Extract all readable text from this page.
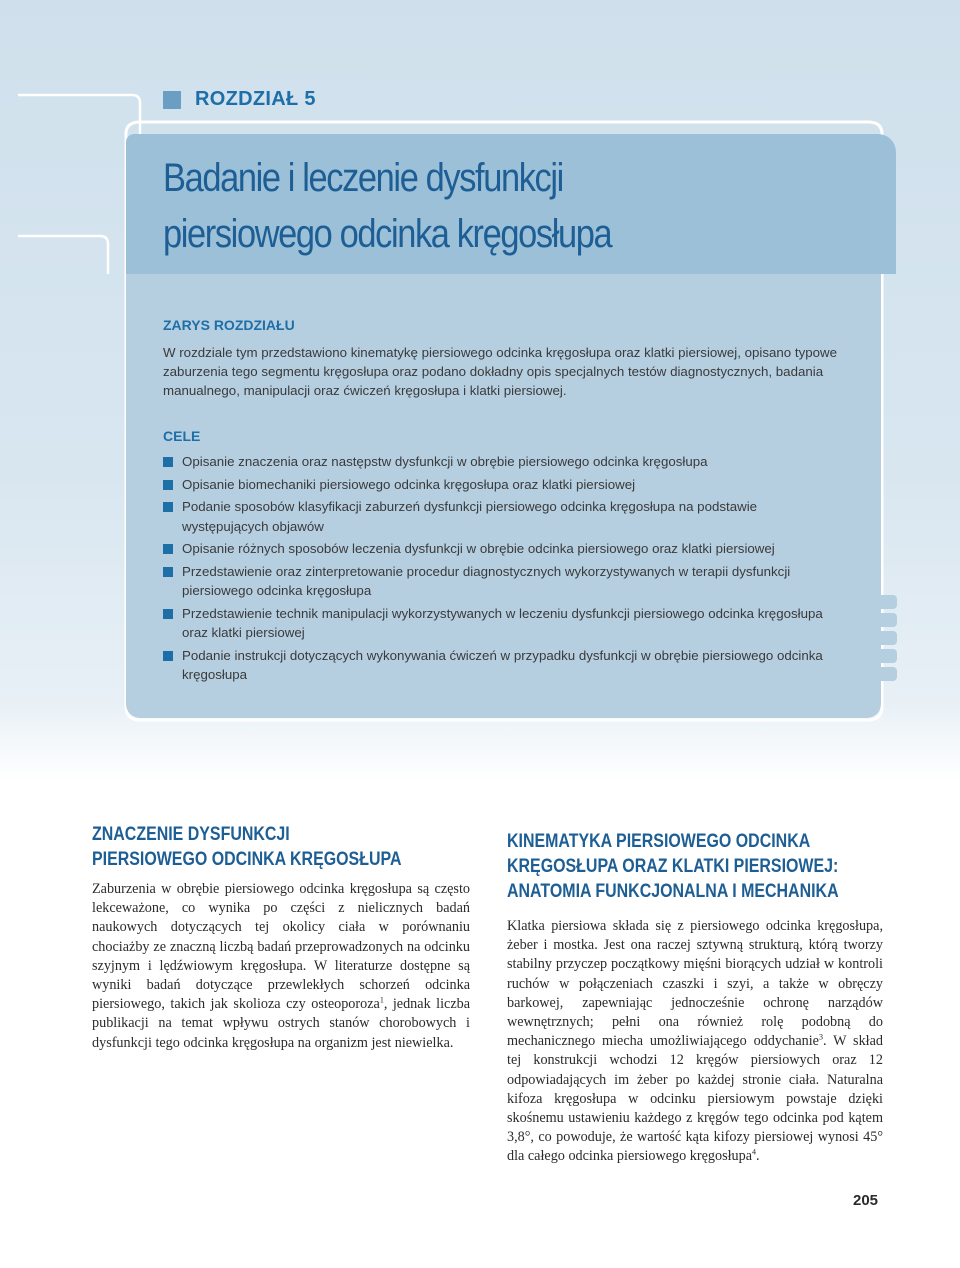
ROZDZIAŁ 5
Badanie i leczenie dysfunkcji
piersiowego odcinka kręgosłupa
ZARYS ROZDZIAŁU
W rozdziale tym przedstawiono kinematykę piersiowego odcinka kręgosłupa oraz klatki piersiowej, opisano typowe zaburzenia tego segmentu kręgosłupa oraz podano dokładny opis specjalnych testów diagnostycznych, badania manualnego, manipulacji oraz ćwiczeń kręgosłupa i klatki piersiowej.
CELE
Opisanie znaczenia oraz następstw dysfunkcji w obrębie piersiowego odcinka kręgosłupa
Opisanie biomechaniki piersiowego odcinka kręgosłupa oraz klatki piersiowej
Podanie sposobów klasyfikacji zaburzeń dysfunkcji piersiowego odcinka kręgosłupa na podstawie występujących objawów
Opisanie różnych sposobów leczenia dysfunkcji w obrębie odcinka piersiowego oraz klatki piersiowej
Przedstawienie oraz zinterpretowanie procedur diagnostycznych wykorzystywanych w terapii dysfunkcji piersiowego odcinka kręgosłupa
Przedstawienie technik manipulacji wykorzystywanych w leczeniu dysfunkcji piersiowego odcinka kręgosłupa oraz klatki piersiowej
Podanie instrukcji dotyczących wykonywania ćwiczeń w przypadku dysfunkcji w obrębie piersiowego odcinka kręgosłupa
ZNACZENIE DYSFUNKCJI
PIERSIOWEGO ODCINKA KRĘGOSŁUPA
Zaburzenia w obrębie piersiowego odcinka kręgosłupa są często lekceważone, co wynika po części z nielicznych badań naukowych dotyczących tej okolicy ciała w porównaniu chociażby ze znaczną liczbą badań przeprowadzonych na odcinku szyjnym i lędźwiowym kręgosłupa. W literaturze dostępne są wyniki badań dotyczące przewlekłych schorzeń odcinka piersiowego, takich jak skolioza czy osteoporoza$^1$, jednak liczba publikacji na temat wpływu ostrych stanów chorobowych i dysfunkcji tego odcinka kręgosłupa na organizm jest niewielka.
KINEMATYKA PIERSIOWEGO ODCINKA
KRĘGOSŁUPA ORAZ KLATKI PIERSIOWEJ:
ANATOMIA FUNKCJONALNA I MECHANIKA
Klatka piersiowa składa się z piersiowego odcinka kręgosłupa, żeber i mostka. Jest ona raczej sztywną strukturą, którą tworzy stabilny przyczep początkowy mięśni biorących udział w kontroli ruchów w połączeniach czaszki i szyi, a także w obręczy barkowej, zapewniając jednocześnie ochronę narządów wewnętrznych; pełni ona również rolę podobną do mechanicznego miecha umożliwiającego oddychanie$^3$. W skład tej konstrukcji wchodzi 12 kręgów piersiowych oraz 12 odpowiadających im żeber po każdej stronie ciała. Naturalna kifoza kręgosłupa w odcinku piersiowym powstaje dzięki skośnemu ustawieniu każdego z kręgów tego odcinka pod kątem 3,8°, co powoduje, że wartość kąta kifozy piersiowej wynosi 45° dla całego odcinka piersiowego kręgosłupa$^4$.
205
